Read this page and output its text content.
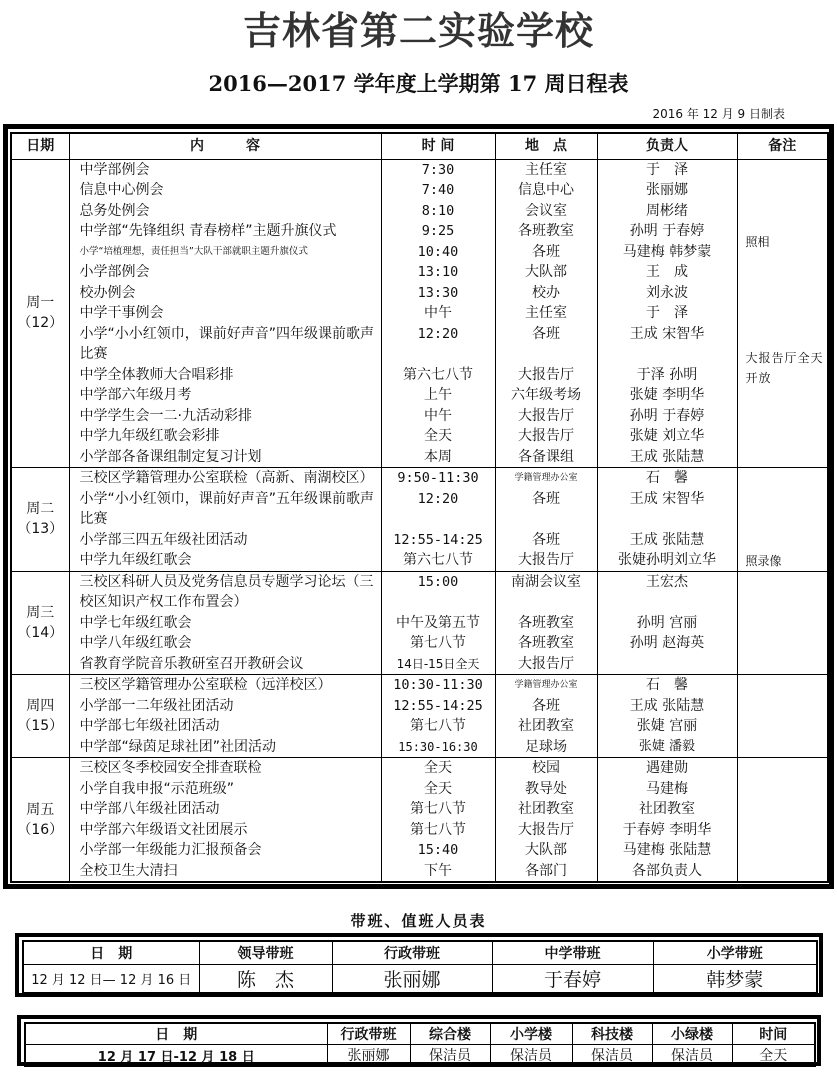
吉林省第二实验学校
2016—2017 学年度上学期第 17 周日程表
2016 年 12 月 9 日制表
日期	内　　　容	时 间	地　点	负责人	备注

周一
（12）	中学部例会	7:30	主任室	于　泽	照相
	信息中心例会	7:40	信息中心	张丽娜	
	总务处例会	8:10	会议室	周彬绪	
	中学部“先锋组织 青春榜样”主题升旗仪式	9:25	各班教室	孙明 于春婷	
	小学“培植理想，责任担当”大队干部就职主题升旗仪式	10:40	各班	马建梅 韩梦蒙	
	小学部例会	13:10	大队部	王　成	
	校办例会	13:30	校办	刘永波	
	中学干事例会	中午	主任室	于　泽	
	小学“小小红领巾，课前好声音”四年级课前歌声比赛	12:20	各班	王成 宋智华	大报告厅全天开放
	中学全体教师大合唱彩排	第六七八节	大报告厅	于泽 孙明	
	中学部六年级月考	上午	六年级考场	张婕 李明华	
	中学学生会一二·九活动彩排	中午	大报告厅	孙明 于春婷	
	中学九年级红歌会彩排	全天	大报告厅	张婕 刘立华	
	小学部各备课组制定复习计划	本周	各备课组	王成 张陆慧	

周二
（13）	三校区学籍管理办公室联检（高新、南湖校区）	9:50-11:30	学籍管理办公室	石　馨	照录像
	小学“小小红领巾，课前好声音”五年级课前歌声比赛	12:20	各班	王成 宋智华	
	小学部三四五年级社团活动	12:55-14:25	各班	王成 张陆慧	
	中学九年级红歌会	第六七八节	大报告厅	张婕孙明刘立华	

周三
（14）	三校区科研人员及党务信息员专题学习论坛（三校区知识产权工作布置会）	15:00	南湖会议室	王宏杰	
	中学七年级红歌会	中午及第五节	各班教室	孙明 宫丽	
	中学八年级红歌会	第七八节	各班教室	孙明 赵海英	
	省教育学院音乐教研室召开教研会议	14日-15日全天	大报告厅		

周四
（15）	三校区学籍管理办公室联检（远洋校区）	10:30-11:30	学籍管理办公室	石　馨	
	小学部一二年级社团活动	12:55-14:25	各班	王成 张陆慧	
	中学部七年级社团活动	第七八节	社团教室	张婕 宫丽	
	中学部“绿茵足球社团”社团活动	15:30-16:30	足球场	张婕 潘毅	

周五
（16）	三校区冬季校园安全排查联检	全天	校园	遇建勋	
	小学自我申报“示范班级”	全天	教导处	马建梅	
	中学部八年级社团活动	第七八节	社团教室	社团教室	
	中学部六年级语文社团展示	第七八节	大报告厅	于春婷 李明华	
	小学部一年级能力汇报预备会	15:40	大队部	马建梅 张陆慧	
	全校卫生大清扫	下午	各部门	各部负责人	
带班、值班人员表
日　期	领导带班	行政带班	中学带班	小学带班
12 月 12 日— 12 月 16 日	陈　杰	张丽娜	于春婷	韩梦蒙
日　期	行政带班	综合楼	小学楼	科技楼	小绿楼	时间
12 月 17 日-12 月 18 日	张丽娜	保洁员	保洁员	保洁员	保洁员	全天
